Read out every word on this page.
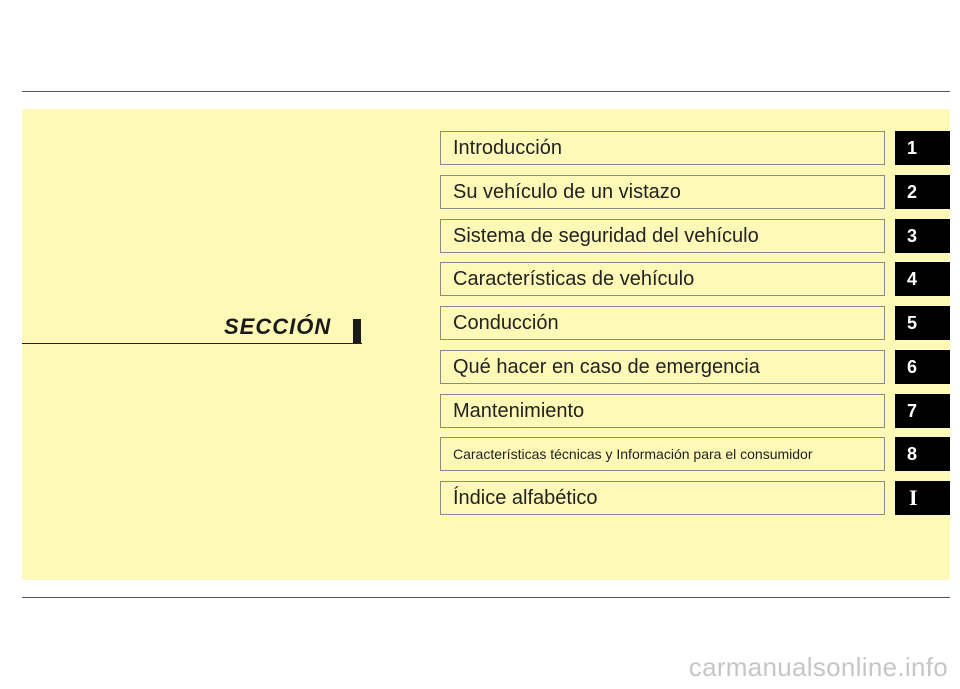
SECCIÓN
Introducción	1
Su vehículo de un vistazo	2
Sistema de seguridad del vehículo	3
Características de vehículo	4
Conducción	5
Qué hacer en caso de emergencia	6
Mantenimiento	7
Características técnicas y Información para el consumidor	8
Índice alfabético	I
carmanualsonline.info
